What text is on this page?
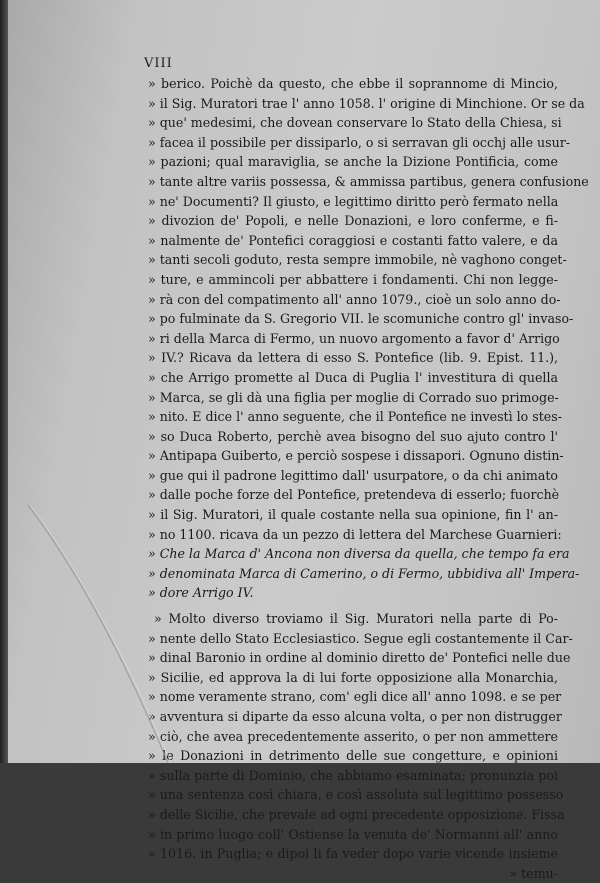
VIII
» berico. Poichè da questo, che ebbe il soprannome di Mincio,
» il Sig. Muratori trae l' anno 1058. l' origine di Minchione. Or se da
» que' medesimi, che dovean conservare lo Stato della Chiesa, si
» facea il possibile per dissiparlo, o si serravan gli occhj alle usur-
» pazioni; qual maraviglia, se anche la Dizione Pontificia, come
» tante altre variis possessa, & ammissa partibus, genera confusione
» ne' Documenti? Il giusto, e legittimo diritto però fermato nella
» divozion de' Popoli, e nelle Donazioni, e loro conferme, e fi-
» nalmente de' Pontefici coraggiosi e costanti fatto valere, e da
» tanti secoli goduto, resta sempre immobile, nè vaghono conget-
» ture, e ammincoli per abbattere i fondamenti. Chi non legge-
» rà con del compatimento all' anno 1079., cioè un solo anno do-
» po fulminate da S. Gregorio VII. le scomuniche contro gl' invaso-
» ri della Marca di Fermo, un nuovo argomento a favor d' Arrigo
» IV.? Ricava da lettera di esso S. Pontefice (lib. 9. Epist. 11.),
» che Arrigo promette al Duca di Puglia l' investitura di quella
» Marca, se gli dà una figlia per moglie di Corrado suo primoge-
» nito. E dice l' anno seguente, che il Pontefice ne investì lo stes-
» so Duca Roberto, perchè avea bisogno del suo ajuto contro l'
» Antipapa Guiberto, e perciò sospese i dissapori. Ognuno distin-
» gue qui il padrone legittimo dall' usurpatore, o da chi animato
» dalle poche forze del Pontefice, pretendeva di esserlo; fuorchè
» il Sig. Muratori, il quale costante nella sua opinione, fin l' an-
» no 1100. ricava da un pezzo di lettera del Marchese Guarnieri:
» Che la Marca d' Ancona non diversa da quella, che tempo fa era
» denominata Marca di Camerino, o di Fermo, ubbidiva all' Impera-
» dore Arrigo IV.
» Molto diverso troviamo il Sig. Muratori nella parte di Po-
» nente dello Stato Ecclesiastico. Segue egli costantemente il Car-
» dinal Baronio in ordine al dominio diretto de' Pontefici nelle due
» Sicilie, ed approva la di lui forte opposizione alla Monarchia,
» nome veramente strano, com' egli dice all' anno 1098. e se per
» avventura si diparte da esso alcuna volta, o per non distrugger
» ciò, che avea precedentemente asserito, o per non ammettere
» le Donazioni in detrimento delle sue congetture, e opinioni
» sulla parte di Dominio, che abbiamo esaminata; pronunzia poi
» una sentenza così chiara, e così assoluta sul legittimo possesso
» delle Sicilie, che prevale ad ogni precedente opposizione. Fissa
» in primo luogo coll' Ostiense la venuta de' Normanni all' anno
» 1016. in Puglia; e dipoi li fa veder dopo varie vicende insieme
» temu-
